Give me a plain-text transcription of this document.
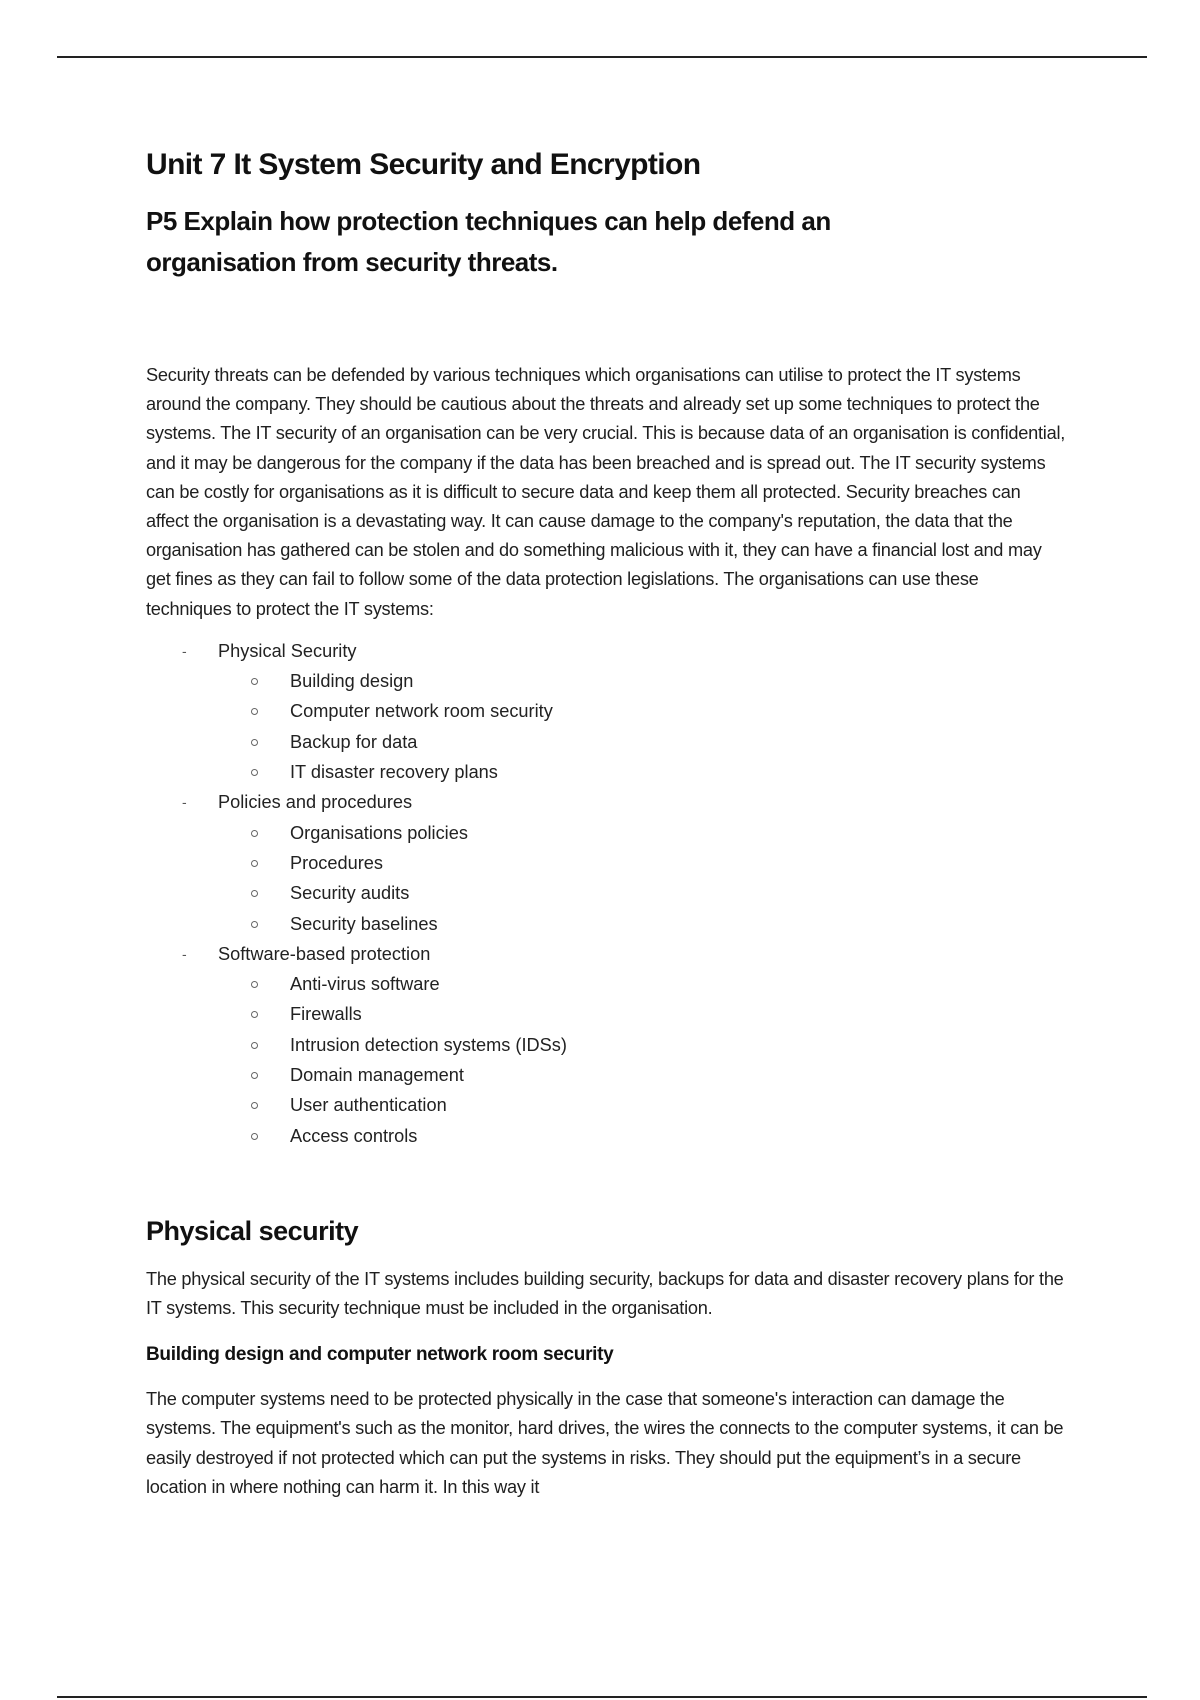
Unit 7 It System Security and Encryption
P5 Explain how protection techniques can help defend an organisation from security threats.

Security threats can be defended by various techniques which organisations can utilise to protect the IT systems around the company. They should be cautious about the threats and already set up some techniques to protect the systems. The IT security of an organisation can be very crucial. This is because data of an organisation is confidential, and it may be dangerous for the company if the data has been breached and is spread out. The IT security systems can be costly for organisations as it is difficult to secure data and keep them all protected. Security breaches can affect the organisation is a devastating way. It can cause damage to the company's reputation, the data that the organisation has gathered can be stolen and do something malicious with it, they can have a financial lost and may get fines as they can fail to follow some of the data protection legislations. The organisations can use these techniques to protect the IT systems:

- Physical Security
Building design
Computer network room security
Backup for data
IT disaster recovery plans
- Policies and procedures
Organisations policies
Procedures
Security audits
Security baselines
- Software-based protection
Anti-virus software
Firewalls
Intrusion detection systems (IDSs)
Domain management
User authentication
Access controls
Physical security

The physical security of the IT systems includes building security, backups for data and disaster recovery plans for the IT systems. This security technique must be included in the organisation.

Building design and computer network room security

The computer systems need to be protected physically in the case that someone's interaction can damage the systems. The equipment's such as the monitor, hard drives, the wires the connects to the computer systems, it can be easily destroyed if not protected which can put the systems in risks. They should put the equipment’s in a secure location in where nothing can harm it. In this way it
